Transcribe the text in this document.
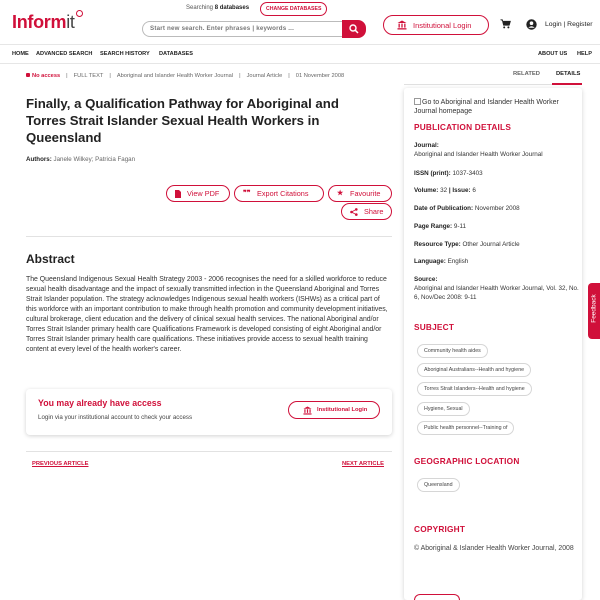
Informit
Searching 8 databases	CHANGE DATABASES
Start new search. Enter phrases | keywords ...	Institutional Login	Login | Register
HOME ADVANCED SEARCH SEARCH HISTORY DATABASES	ABOUT US HELP
No access | FULL TEXT | Aboriginal and Islander Health Worker Journal | Journal Article | 01 November 2008	RELATED	DETAILS
Finally, a Qualification Pathway for Aboriginal and Torres Strait Islander Sexual Health Workers in Queensland
Authors: Janele Wilkey; Patricia Fagan
View PDF	❞❞ Export Citations	★ Favourite
Share
Abstract
The Queensland Indigenous Sexual Health Strategy 2003 - 2006 recognises the need for a skilled workforce to reduce sexual health disadvantage and the impact of sexually transmitted infection in the Queensland Aboriginal and Torres Strait Islander population. The strategy acknowledges Indigenous sexual health workers (ISHWs) as a critical part of this workforce with an important contribution to make through health promotion and community development initiatives, cultural brokerage, client education and the delivery of clinical sexual health services. The national Aboriginal and/or Torres Strait Islander primary health care Qualifications Framework is developed consisting of eight Aboriginal and/or Torres Strait Islander primary health care qualifications. These initiatives provide access to sexual health training content at every level of the health worker's career.
You may already have access
Login via your institutional account to check your access
Institutional Login
PREVIOUS ARTICLE	NEXT ARTICLE
Go to Aboriginal and Islander Health Worker Journal homepage
PUBLICATION DETAILS
Journal:
Aboriginal and Islander Health Worker Journal
ISSN (print): 1037-3403
Volume: 32 | Issue: 6
Date of Publication: November 2008
Page Range: 9-11
Resource Type: Other Journal Article
Language: English
Source:
Aboriginal and Islander Health Worker Journal, Vol. 32, No. 6, Nov/Dec 2008: 9-11
SUBJECT
Community health aides
Aboriginal Australians--Health and hygiene
Torres Strait Islanders--Health and hygiene
Hygiene, Sexual
Public health personnel--Training of
GEOGRAPHIC LOCATION
Queensland
COPYRIGHT
© Aboriginal & Islander Health Worker Journal, 2008
Feedback
